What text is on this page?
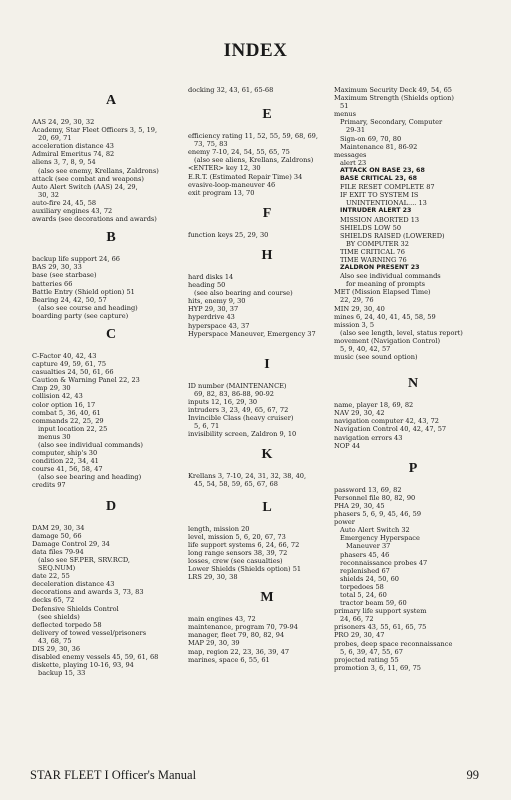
INDEX
A
AAS 24, 29, 30, 32
Academy, Star Fleet Officers 3, 5, 19,
20, 69, 71
acceleration distance 43
Admiral Emeritus 74, 82
aliens 3, 7, 8, 9, 54
(also see enemy, Krellans, Zaldrons)
attack (see combat and weapons)
Auto Alert Switch (AAS) 24, 29,
30, 32
auto-fire 24, 45, 58
auxiliary engines 43, 72
awards (see decorations and awards)
B
backup life support 24, 66
BAS 29, 30, 33
base (see starbase)
batteries 66
Battle Entry (Shield option) 51
Bearing 24, 42, 50, 57
(also see course and heading)
boarding party (see capture)
C
C-Factor 40, 42, 43
capture 49, 59, 61, 75
casualties 24, 50, 61, 66
Caution & Warning Panel 22, 23
Cmp 29, 30
collision 42, 43
color option 16, 17
combat 5, 36, 40, 61
commands 22, 25, 29
input location 22, 25
menus 30
(also see individual commands)
computer, ship's 30
condition 22, 34, 41
course 41, 56, 58, 47
(also see bearing and heading)
credits 97
D
DAM 29, 30, 34
damage 50, 66
Damage Control 29, 34
data files 79-94
(also see SF.PER, SRV.RCD,
SEQ.NUM)
date 22, 55
deceleration distance 43
decorations and awards 3, 73, 83
decks 65, 72
Defensive Shields Control
(see shields)
deflected torpedo 58
delivery of towed vessel/prisoners
43, 68, 75
DIS 29, 30, 36
disabled enemy vessels 45, 59, 61, 68
diskette, playing 10-16, 93, 94
backup 15, 33
docking 32, 43, 61, 65-68
E
efficiency rating 11, 52, 55, 59, 68, 69,
73, 75, 83
enemy 7-10, 24, 54, 55, 65, 75
(also see aliens, Krellans, Zaldrons)
<ENTER> key 12, 30
E.R.T. (Estimated Repair Time) 34
evasive-loop-maneuver 46
exit program 13, 70
F
function keys 25, 29, 30
H
hard disks 14
heading 50
(see also bearing and course)
hits, enemy 9, 30
HYP 29, 30, 37
hyperdrive 43
hyperspace 43, 37
Hyperspace Maneuver, Emergency 37
I
ID number (MAINTENANCE)
69, 82, 83, 86-88, 90-92
inputs 12, 16, 29, 30
intruders 3, 23, 49, 65, 67, 72
Invincible Class (heavy cruiser)
5, 6, 71
invisibility screen, Zaldron 9, 10
K
Krellans 3, 7-10, 24, 31, 32, 38, 40,
45, 54, 58, 59, 65, 67, 68
L
length, mission 20
level, mission 5, 6, 20, 67, 73
life support systems 6, 24, 66, 72
long range sensors 38, 39, 72
losses, crew (see casualties)
Lower Shields (Shields option) 51
LRS 29, 30, 38
M
main engines 43, 72
maintenance, program 70, 79-94
manager, fleet 79, 80, 82, 94
MAP 29, 30, 39
map, region 22, 23, 36, 39, 47
marines, space 6, 55, 61
Maximum Security Deck 49, 54, 65
Maximum Strength (Shields option)
51
menus
Primary, Secondary, Computer
29-31
Sign-on 69, 70, 80
Maintenance 81, 86-92
messages
alert 23
ATTACK ON BASE 23, 68
BASE CRITICAL 23, 68
FILE RESET COMPLETE 87
IF EXIT TO SYSTEM IS
UNINTENTIONAL.... 13
INTRUDER ALERT 23
MISSION ABORTED 13
SHIELDS LOW 50
SHIELDS RAISED (LOWERED)
BY COMPUTER 32
TIME CRITICAL 76
TIME WARNING 76
ZALDRON PRESENT 23
Also see individual commands
for meaning of prompts
MET (Mission Elapsed Time)
22, 29, 76
MIN 29, 30, 40
mines 6, 24, 40, 41, 45, 58, 59
mission 3, 5
(also see length, level, status report)
movement (Navigation Control)
5, 9, 40, 42, 57
music (see sound option)
N
name, player 18, 69, 82
NAV 29, 30, 42
navigation computer 42, 43, 72
Navigation Control 40, 42, 47, 57
navigation errors 43
NOP 44
P
password 13, 69, 82
Personnel file 80, 82, 90
PHA 29, 30, 45
phasers 5, 6, 9, 45, 46, 59
power
Auto Alert Switch 32
Emergency Hyperspace
Maneuver 37
phasers 45, 46
reconnaissance probes 47
replenished 67
shields 24, 50, 60
torpedoes 58
total 5, 24, 60
tractor beam 59, 60
primary life support system
24, 66, 72
prisoners 43, 55, 61, 65, 75
PRO 29, 30, 47
probes, deep space reconnaissance
5, 6, 39, 47, 55, 67
projected rating 55
promotion 3, 6, 11, 69, 75
STAR FLEET I Officer's Manual	99
